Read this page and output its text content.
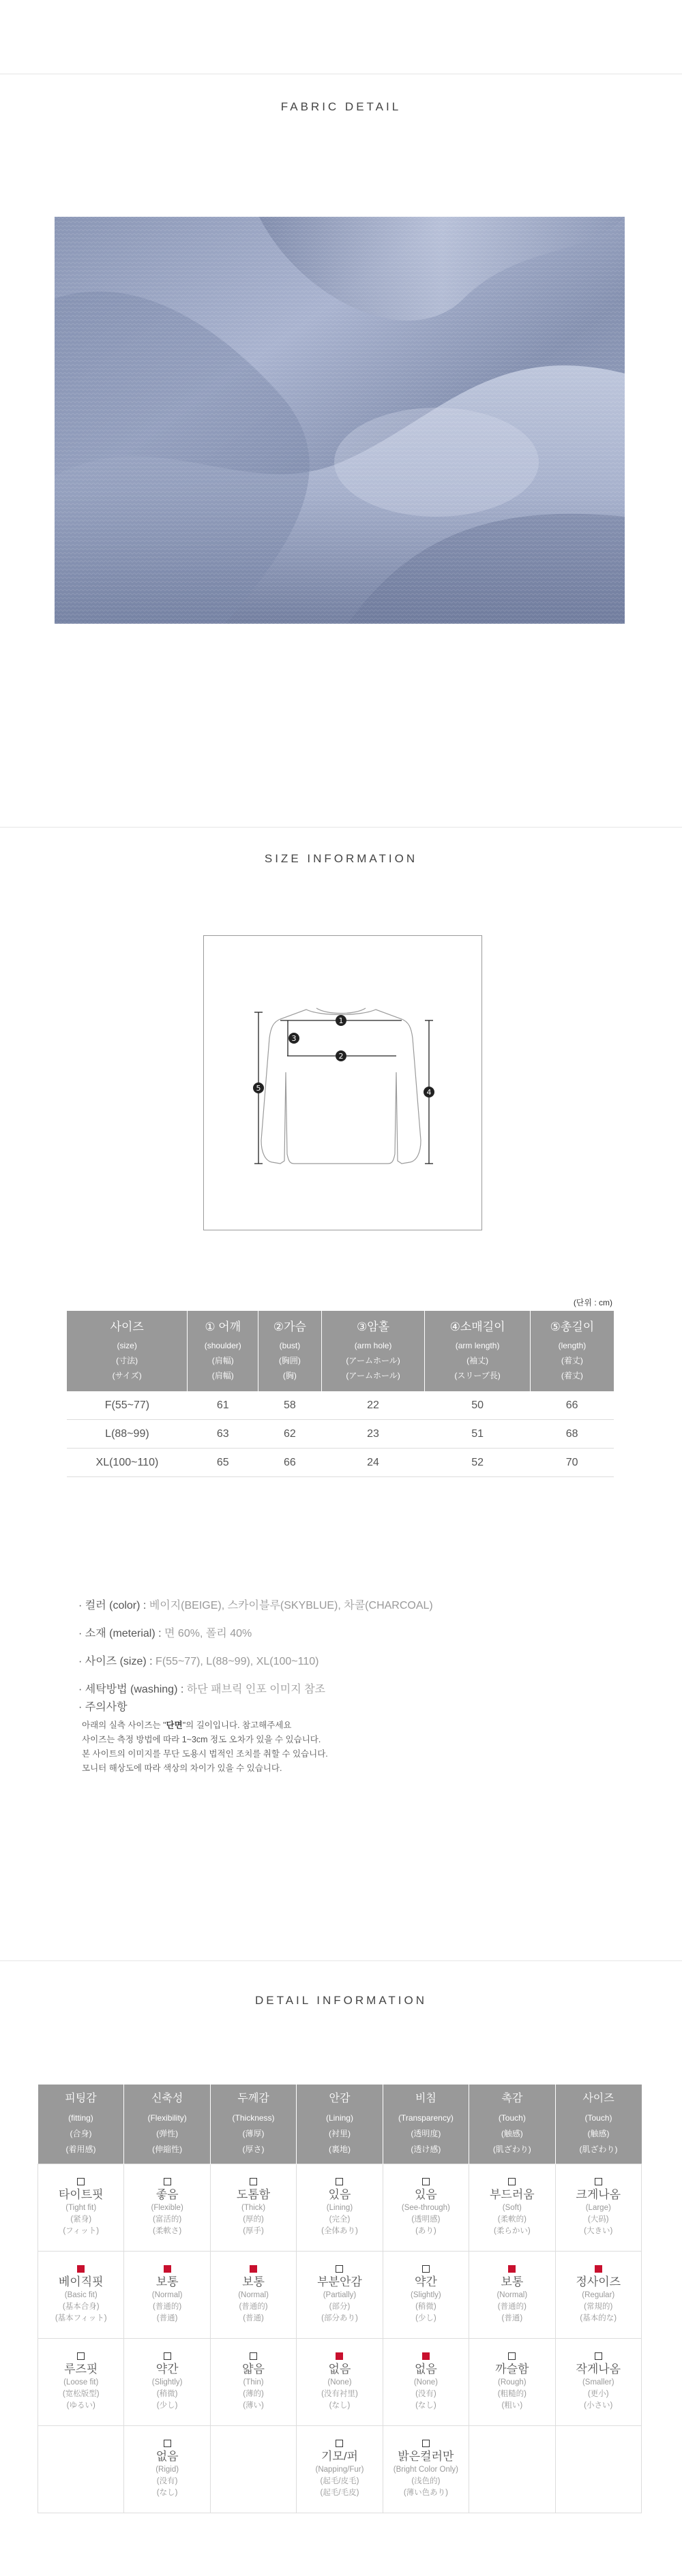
FABRIC DETAIL
SIZE INFORMATION
1
2
3
4
5
(단위 : cm)
사이즈
(size)
(寸法)
(サイズ)	① 어깨
(shoulder)
(肩幅)
(肩幅)	②가슴
(bust)
(胸囲)
(胸)	③암홀
(arm hole)
(アームホール)
(アームホール)	④소매길이
(arm length)
(袖丈)
(スリーブ長)	⑤총길이
(length)
(着丈)
(着丈)

F(55~77)	61	58	22	50	66
L(88~99)	63	62	23	51	68
XL(100~110)	65	66	24	52	70
· 컬러 (color) : 베이지(BEIGE), 스카이블루(SKYBLUE), 차콜(CHARCOAL)
· 소재 (meterial) : 면 60%, 폴리 40%
· 사이즈 (size) : F(55~77), L(88~99), XL(100~110)
· 세탁방법 (washing) : 하단 패브릭 인포 이미지 참조
· 주의사항
아래의 실측 사이즈는 "단면"의 길이입니다. 참고해주세요
사이즈는 측정 방법에 따라 1~3cm 정도 오차가 있을 수 있습니다.
본 사이트의 이미지를 무단 도용시 법적인 조치를 취할 수 있습니다.
모니터 해상도에 따라 색상의 차이가 있을 수 있습니다.
DETAIL INFORMATION
피팅감
(fitting)
(合身)
(着用感)	신축성
(Flexibility)
(弹性)
(伸縮性)	두께감
(Thickness)
(薄厚)
(厚さ)	안감
(Lining)
(衬里)
(裏地)	비침
(Transparency)
(透明度)
(透け感)	촉감
(Touch)
(触感)
(肌ざわり)	사이즈
(Touch)
(触感)
(肌ざわり)

타이트핏
(Tight fit)
(紧身)
(フィット)	좋음
(Flexible)
(富活的)
(柔軟さ)	도톰함
(Thick)
(厚的)
(厚手)	있음
(Lining)
(完全)
(全体あり)	있음
(See-through)
(透明感)
(あり)	부드러움
(Soft)
(柔軟的)
(柔らかい)	크게나옴
(Large)
(大码)
(大きい)

베이직핏
(Basic fit)
(基本合身)
(基本フィット)	보통
(Normal)
(普通的)
(普通)	보통
(Normal)
(普通的)
(普通)	부분안감
(Partially)
(部分)
(部分あり)	약간
(Slightly)
(稍微)
(少し)	보통
(Normal)
(普通的)
(普通)	정사이즈
(Regular)
(常規的)
(基本的な)

루즈핏
(Loose fit)
(宽松版型)
(ゆるい)	약간
(Slightly)
(稍微)
(少し)	얇음
(Thin)
(薄的)
(薄い)	없음
(None)
(没有衬里)
(なし)	없음
(None)
(没有)
(なし)	까슬함
(Rough)
(粗糙的)
(粗い)	작게나옴
(Smaller)
(更小)
(小さい)

	없음
(Rigid)
(没有)
(なし)		기모/퍼
(Napping/Fur)
(起毛/皮毛)
(起毛/毛皮)	밝은컬러만
(Bright Color Only)
(浅色的)
(薄い色あり)		
